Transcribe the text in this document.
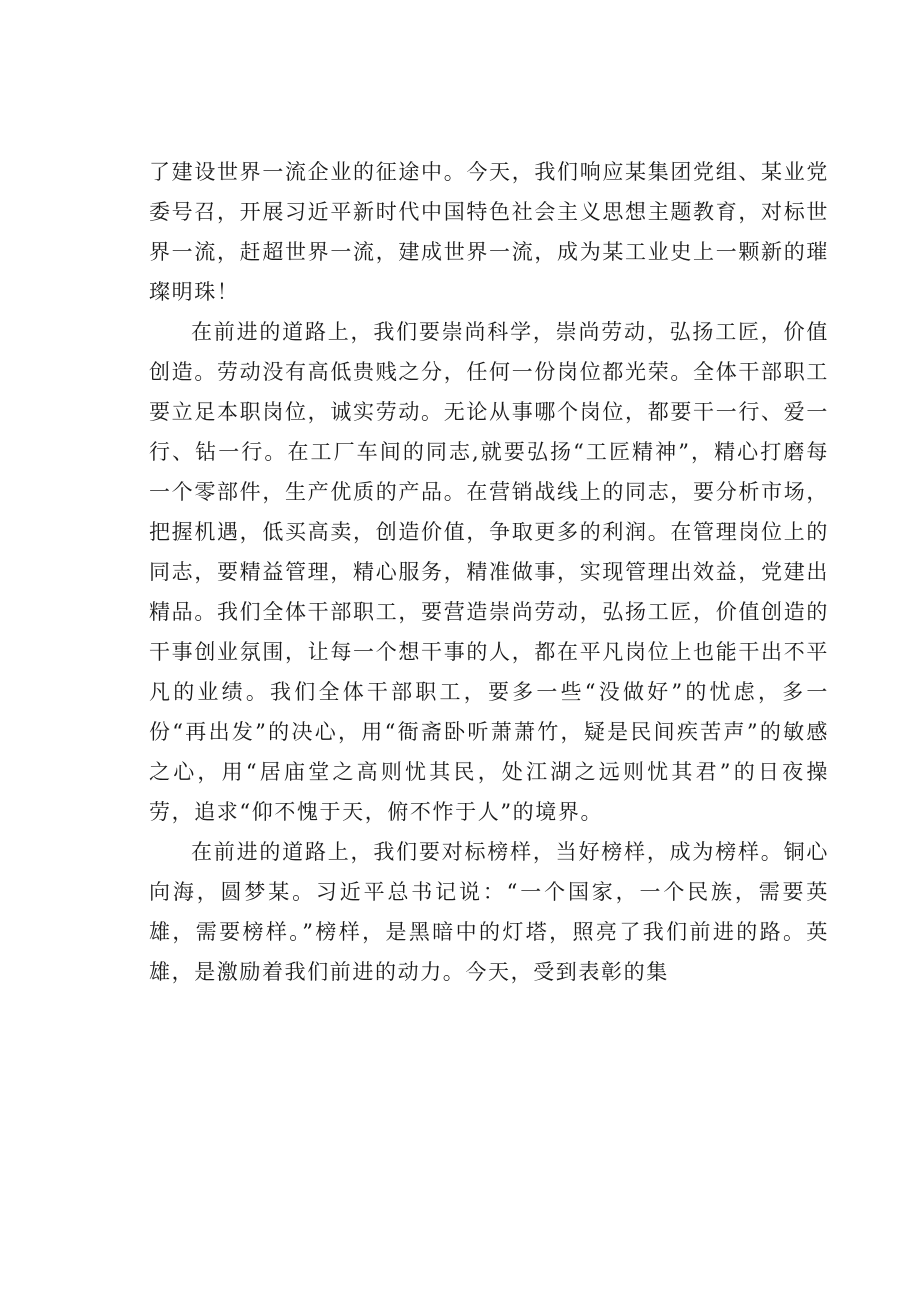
了建设世界一流企业的征途中。今天，我们响应某集团党组、某业党委号召，开展习近平新时代中国特色社会主义思想主题教育，对标世界一流，赶超世界一流，建成世界一流，成为某工业史上一颗新的璀璨明珠！

在前进的道路上，我们要崇尚科学，崇尚劳动，弘扬工匠，价值创造。劳动没有高低贵贱之分，任何一份岗位都光荣。全体干部职工要立足本职岗位，诚实劳动。无论从事哪个岗位，都要干一行、爱一行、钻一行。在工厂车间的同志,就要弘扬“工匠精神”，精心打磨每一个零部件，生产优质的产品。在营销战线上的同志，要分析市场，把握机遇，低买高卖，创造价值，争取更多的利润。在管理岗位上的同志，要精益管理，精心服务，精准做事，实现管理出效益，党建出精品。我们全体干部职工，要营造崇尚劳动，弘扬工匠，价值创造的干事创业氛围，让每一个想干事的人，都在平凡岗位上也能干出不平凡的业绩。我们全体干部职工，要多一些“没做好”的忧虑，多一份“再出发”的决心，用“衙斋卧听萧萧竹，疑是民间疾苦声”的敏感之心，用“居庙堂之高则忧其民，处江湖之远则忧其君”的日夜操劳，追求“仰不愧于天，俯不怍于人”的境界。

在前进的道路上，我们要对标榜样，当好榜样，成为榜样。铜心向海，圆梦某。习近平总书记说：“一个国家，一个民族，需要英雄，需要榜样。”榜样，是黑暗中的灯塔，照亮了我们前进的路。英雄，是激励着我们前进的动力。今天，受到表彰的集
